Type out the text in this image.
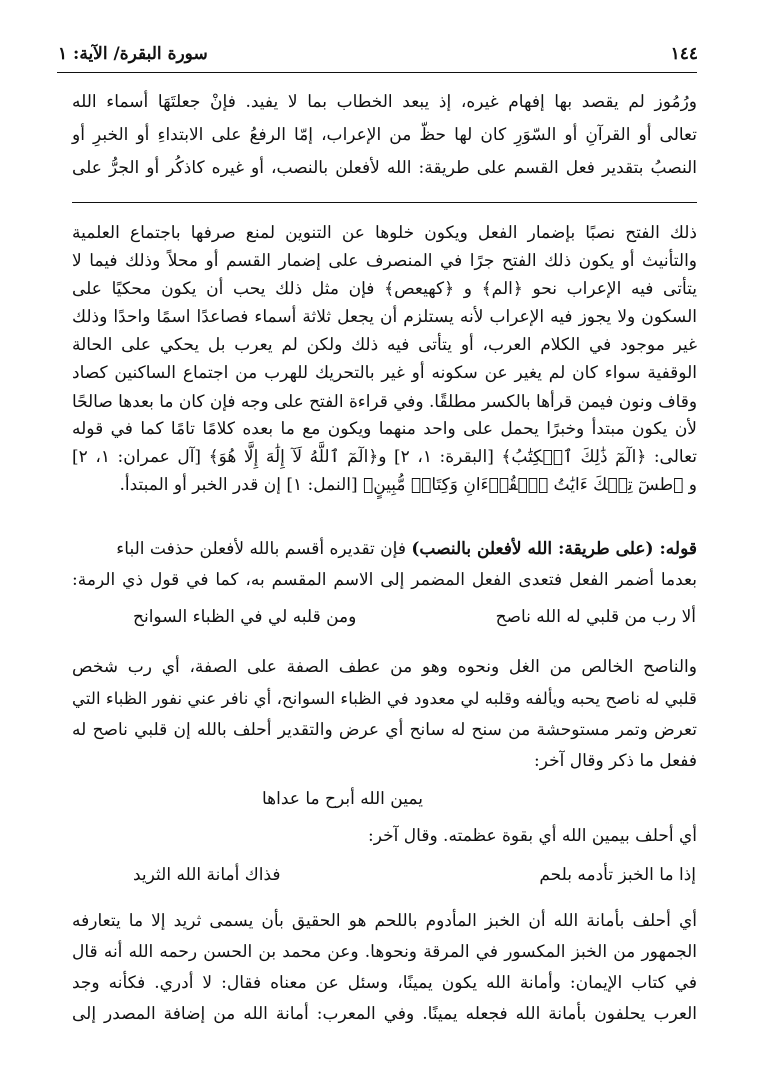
١٤٤
سورة البقرة/ الآية: ١
ورُمُوز لم يقصد بها إفهام غيره، إذ يبعد الخطاب بما لا يفيد. فإنْ جعلتَهَا أسماء الله
تعالى أو القرآنِ أو السّوَرِ كان لها حظّ من الإعراب، إمّا الرفعُ على الابتداءِ أو الخبرِ أو
النصبُ بتقدير فعل القسم على طريقة: الله لأفعلن بالنصب، أو غيره كاذكُر أو الجرُّ على
ذلك الفتح نصبًا بإضمار الفعل ويكون خلوها عن التنوين لمنع صرفها باجتماع العلمية
والتأنيث أو يكون ذلك الفتح جرًا في المنصرف على إضمار القسم أو محلاً وذلك فيما لا
يتأتى فيه الإعراب نحو ﴿الم﴾ و ﴿كهيعص﴾ فإن مثل ذلك يحب أن يكون محكيًا على
السكون ولا يجوز فيه الإعراب لأنه يستلزم أن يجعل ثلاثة أسماء فصاعدًا اسمًا واحدًا وذلك
غير موجود في الكلام العرب، أو يتأتى فيه ذلك ولكن لم يعرب بل يحكي على الحالة
الوقفية سواء كان لم يغير عن سكونه أو غير بالتحريك للهرب من اجتماع الساكنين كصاد
وقاف ونون فيمن قرأها بالكسر مطلقًا. وفي قراءة الفتح على وجه فإن كان ما بعدها صالحًا
لأن يكون مبتدأ وخبرًا يحمل على واحد منهما ويكون مع ما بعده كلامًا تامًا كما في قوله
تعالى: ﴿الٓمٓ ذَٰلِكَ ٱلۡكِتَٰبُ﴾ [البقرة: ١، ٢] و﴿الٓمٓ ٱللَّهُ لَآ إِلَٰهَ إِلَّا هُوَ﴾ [آل عمران: ١، ٢]
و ﴿طسٓ تِلۡكَ ءَايَٰتُ ٱلۡقُرۡءَانِ وَكِتَابٖ مُّبِينٍ﴾ [النمل: ١] إن قدر الخبر أو المبتدأ.
قوله: (على طريقة: الله لأفعلن بالنصب) فإن تقديره أقسم بالله لأفعلن حذفت الباء
بعدما أضمر الفعل فتعدى الفعل المضمر إلى الاسم المقسم به، كما في قول ذي الرمة:
ألا رب من قلبي له الله ناصح
ومن قلبه لي في الظباء السوانح
والناصح الخالص من الغل ونحوه وهو من عطف الصفة على الصفة، أي رب شخص
قلبي له ناصح يحبه ويألفه وقلبه لي معدود في الظباء السوانح، أي نافر عني نفور الظباء التي
تعرض وتمر مستوحشة من سنح له سانح أي عرض والتقدير أحلف بالله إن قلبي ناصح له
ففعل ما ذكر وقال آخر:
يمين الله أبرح ما عداها
أي أحلف بيمين الله أي بقوة عظمته. وقال آخر:
إذا ما الخبز تأدمه بلحم
فذاك أمانة الله الثريد
أي أحلف بأمانة الله أن الخبز المأدوم باللحم هو الحقيق بأن يسمى ثريد إلا ما يتعارفه
الجمهور من الخبز المكسور في المرقة ونحوها. وعن محمد بن الحسن رحمه الله أنه قال
في كتاب الإيمان: وأمانة الله يكون يمينًا، وسئل عن معناه فقال: لا أدري. فكأنه وجد
العرب يحلفون بأمانة الله فجعله يمينًا. وفي المعرب: أمانة الله من إضافة المصدر إلى
